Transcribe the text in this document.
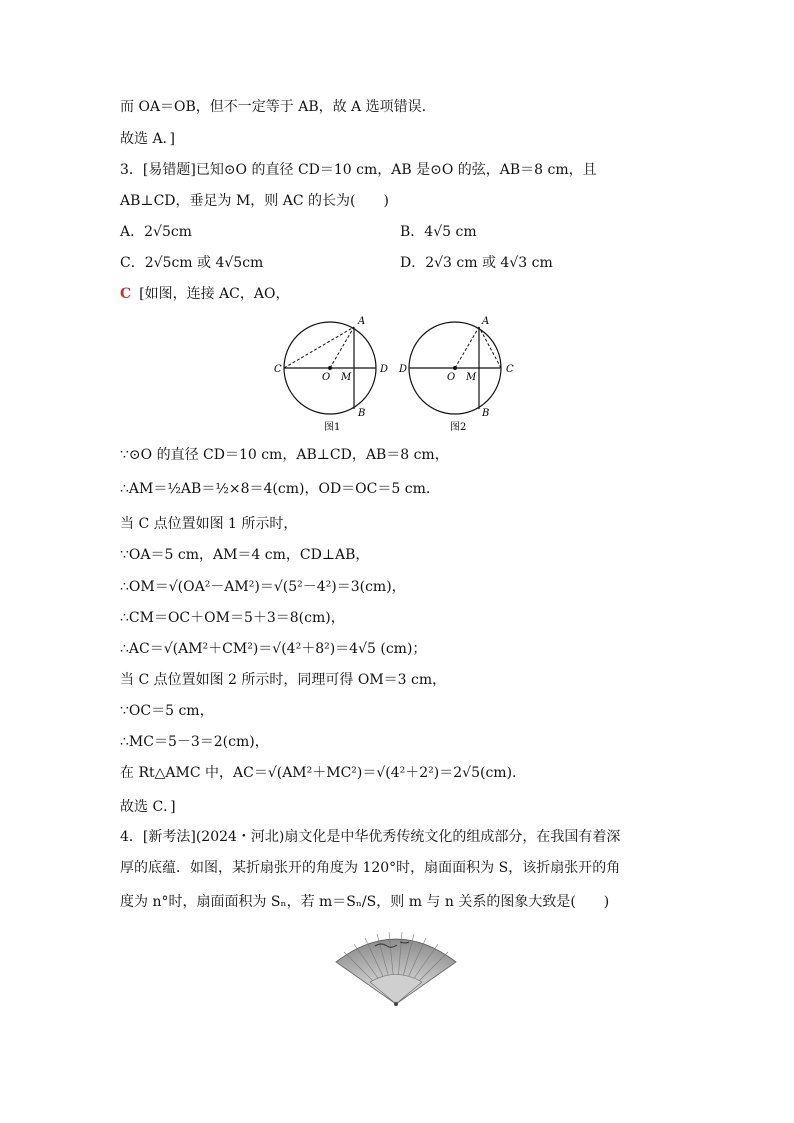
而 OA＝OB，但不一定等于 AB，故 A 选项错误.
故选 A．]
3．[易错题]已知⊙O 的直径 CD＝10 cm，AB 是⊙O 的弦，AB＝8 cm，且
AB⊥CD，垂足为 M，则 AC 的长为(　　)
A．2√5cm	B．4√5 cm
C．2√5cm 或 4√5cm	D．2√3 cm 或 4√3 cm
C [如图，连接 AC，AO，
A
B
C	D
O M
图1
A
B
D	C
O M
图2
∵⊙O 的直径 CD＝10 cm，AB⊥CD，AB＝8 cm，
∴AM＝½AB＝½×8＝4(cm)，OD＝OC＝5 cm.
当 C 点位置如图 1 所示时，
∵OA＝5 cm，AM＝4 cm，CD⊥AB，
∴OM＝√(OA²－AM²)＝√(5²－4²)＝3(cm)，
∴CM＝OC＋OM＝5＋3＝8(cm)，
∴AC＝√(AM²＋CM²)＝√(4²＋8²)＝4√5 (cm)；
当 C 点位置如图 2 所示时，同理可得 OM＝3 cm，
∵OC＝5 cm，
∴MC＝5－3＝2(cm)，
在 Rt△AMC 中，AC＝√(AM²＋MC²)＝√(4²＋2²)＝2√5(cm).
故选 C．]
4．[新考法](2024・河北)扇文化是中华优秀传统文化的组成部分，在我国有着深
厚的底蕴．如图，某折扇张开的角度为 120°时，扇面面积为 S，该折扇张开的角
度为 n°时，扇面面积为 Sₙ，若 m＝Sₙ/S，则 m 与 n 关系的图象大致是(　　)
